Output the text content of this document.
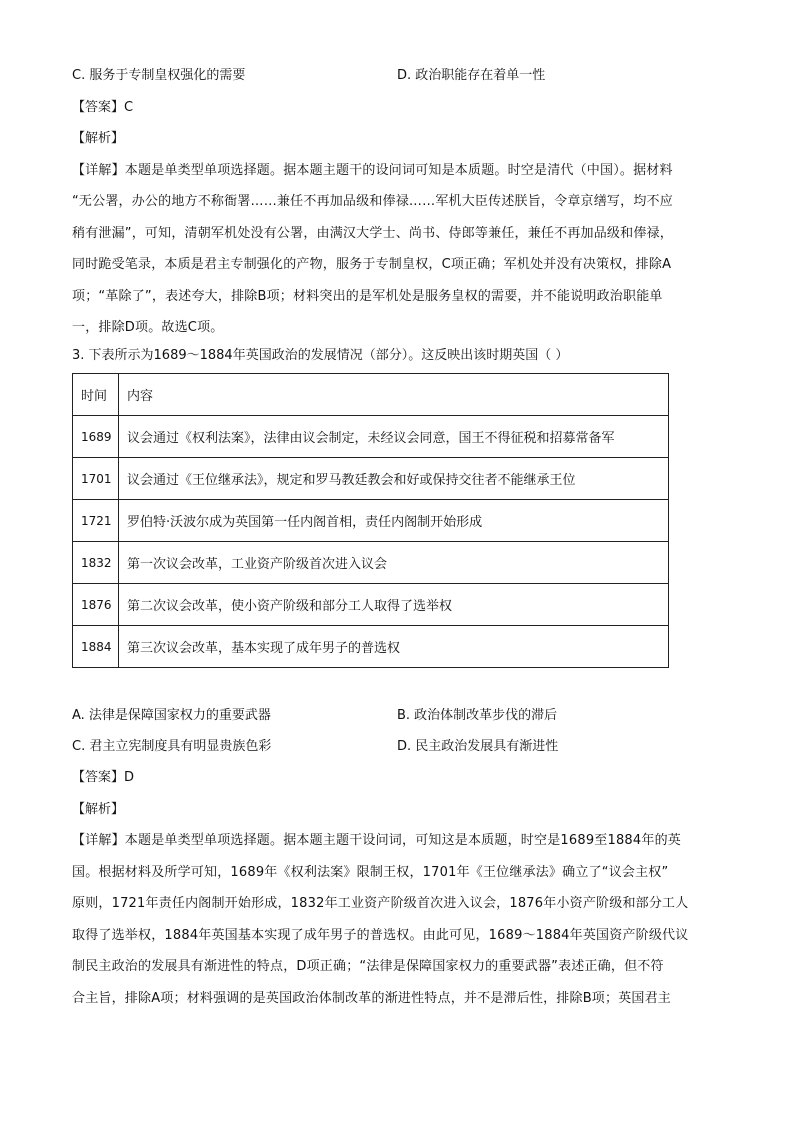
C. 服务于专制皇权强化的需要	D. 政治职能存在着单一性
【答案】C
【解析】
【详解】本题是单类型单项选择题。据本题主题干的设问词可知是本质题。时空是清代（中国）。据材料
“无公署，办公的地方不称衙署……兼任不再加品级和俸禄……军机大臣传述朕旨，令章京缮写，均不应
稍有泄漏”，可知，清朝军机处没有公署，由满汉大学士、尚书、侍郎等兼任，兼任不再加品级和俸禄，
同时跪受笔录，本质是君主专制强化的产物，服务于专制皇权，C项正确；军机处并没有决策权，排除A
项；“革除了”，表述夸大，排除B项；材料突出的是军机处是服务皇权的需要，并不能说明政治职能单
一，排除D项。故选C项。
3. 下表所示为1689～1884年英国政治的发展情况（部分）。这反映出该时期英国（ ）
时间	内容
1689	议会通过《权利法案》，法律由议会制定，未经议会同意，国王不得征税和招募常备军
1701	议会通过《王位继承法》，规定和罗马教廷教会和好或保持交往者不能继承王位
1721	罗伯特·沃波尔成为英国第一任内阁首相，责任内阁制开始形成
1832	第一次议会改革，工业资产阶级首次进入议会
1876	第二次议会改革，使小资产阶级和部分工人取得了选举权
1884	第三次议会改革，基本实现了成年男子的普选权
A. 法律是保障国家权力的重要武器	B. 政治体制改革步伐的滞后
C. 君主立宪制度具有明显贵族色彩	D. 民主政治发展具有渐进性
【答案】D
【解析】
【详解】本题是单类型单项选择题。据本题主题干设问词，可知这是本质题，时空是1689至1884年的英
国。根据材料及所学可知，1689年《权利法案》限制王权，1701年《王位继承法》确立了“议会主权”
原则，1721年责任内阁制开始形成，1832年工业资产阶级首次进入议会，1876年小资产阶级和部分工人
取得了选举权，1884年英国基本实现了成年男子的普选权。由此可见，1689～1884年英国资产阶级代议
制民主政治的发展具有渐进性的特点，D项正确；“法律是保障国家权力的重要武器”表述正确，但不符
合主旨，排除A项；材料强调的是英国政治体制改革的渐进性特点，并不是滞后性，排除B项；英国君主
